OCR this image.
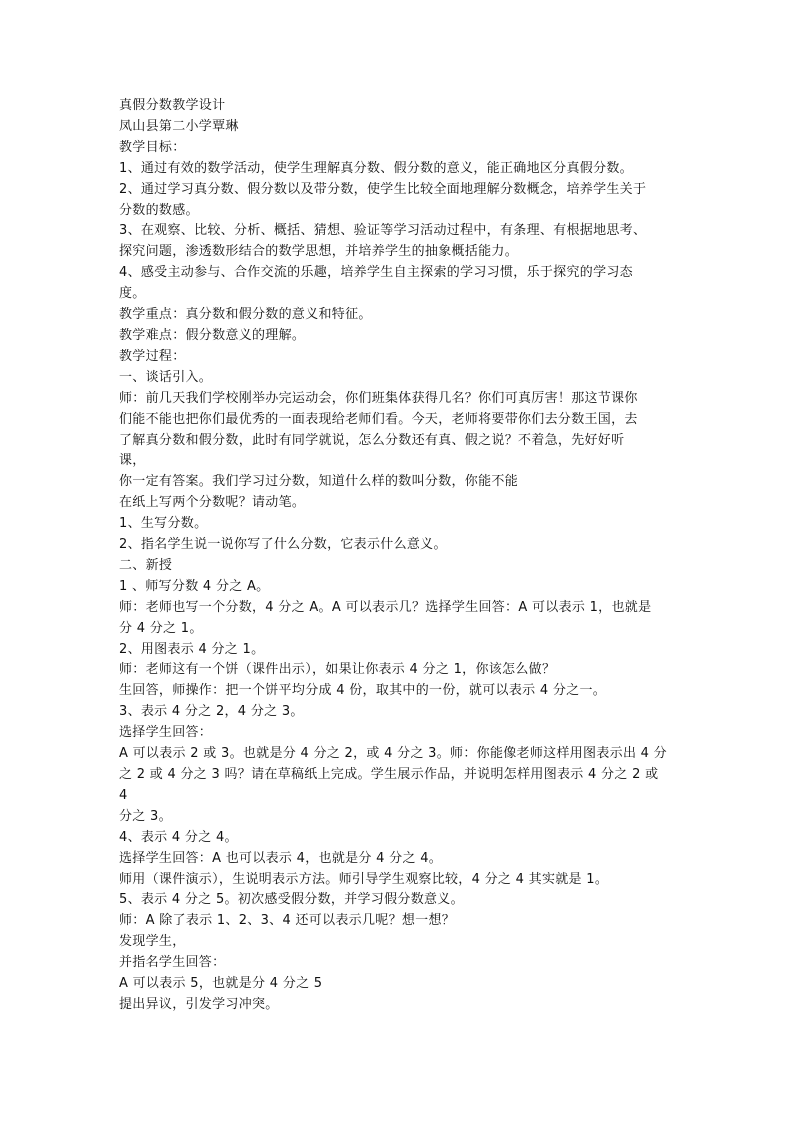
真假分数教学设计
凤山县第二小学覃琳
教学目标：
1、通过有效的数学活动，使学生理解真分数、假分数的意义，能正确地区分真假分数。
2、通过学习真分数、假分数以及带分数，使学生比较全面地理解分数概念，培养学生关于
分数的数感。
3、在观察、比较、分析、概括、猜想、验证等学习活动过程中，有条理、有根据地思考、
探究问题，渗透数形结合的数学思想，并培养学生的抽象概括能力。
4、感受主动参与、合作交流的乐趣，培养学生自主探索的学习习惯，乐于探究的学习态
度。
教学重点：真分数和假分数的意义和特征。
教学难点：假分数意义的理解。
教学过程：
一、谈话引入。
师：前几天我们学校刚举办完运动会，你们班集体获得几名？你们可真厉害！那这节课你
们能不能也把你们最优秀的一面表现给老师们看。今天，老师将要带你们去分数王国，去
了解真分数和假分数，此时有同学就说，怎么分数还有真、假之说？不着急，先好好听
课，
你一定有答案。我们学习过分数，知道什么样的数叫分数，你能不能
在纸上写两个分数呢？请动笔。
1、生写分数。
2、指名学生说一说你写了什么分数，它表示什么意义。
二、新授
1 、师写分数 4 分之 A。
师：老师也写一个分数，4 分之 A。A 可以表示几？选择学生回答：A 可以表示 1，也就是
分 4 分之 1。
2、用图表示 4 分之 1。
师：老师这有一个饼（课件出示），如果让你表示 4 分之 1，你该怎么做？
生回答，师操作：把一个饼平均分成 4 份，取其中的一份，就可以表示 4 分之一。
3、表示 4 分之 2，4 分之 3。
选择学生回答：
A 可以表示 2 或 3。也就是分 4 分之 2，或 4 分之 3。师：你能像老师这样用图表示出 4 分
之 2 或 4 分之 3 吗？请在草稿纸上完成。学生展示作品，并说明怎样用图表示 4 分之 2 或
4
分之 3。
4、表示 4 分之 4。
选择学生回答：A 也可以表示 4，也就是分 4 分之 4。
师用（课件演示），生说明表示方法。师引导学生观察比较，4 分之 4 其实就是 1。
5、表示 4 分之 5。初次感受假分数，并学习假分数意义。
师：A 除了表示 1、2、3、4 还可以表示几呢？想一想？
发现学生，
并指名学生回答：
A 可以表示 5，也就是分 4 分之 5
提出异议，引发学习冲突。
